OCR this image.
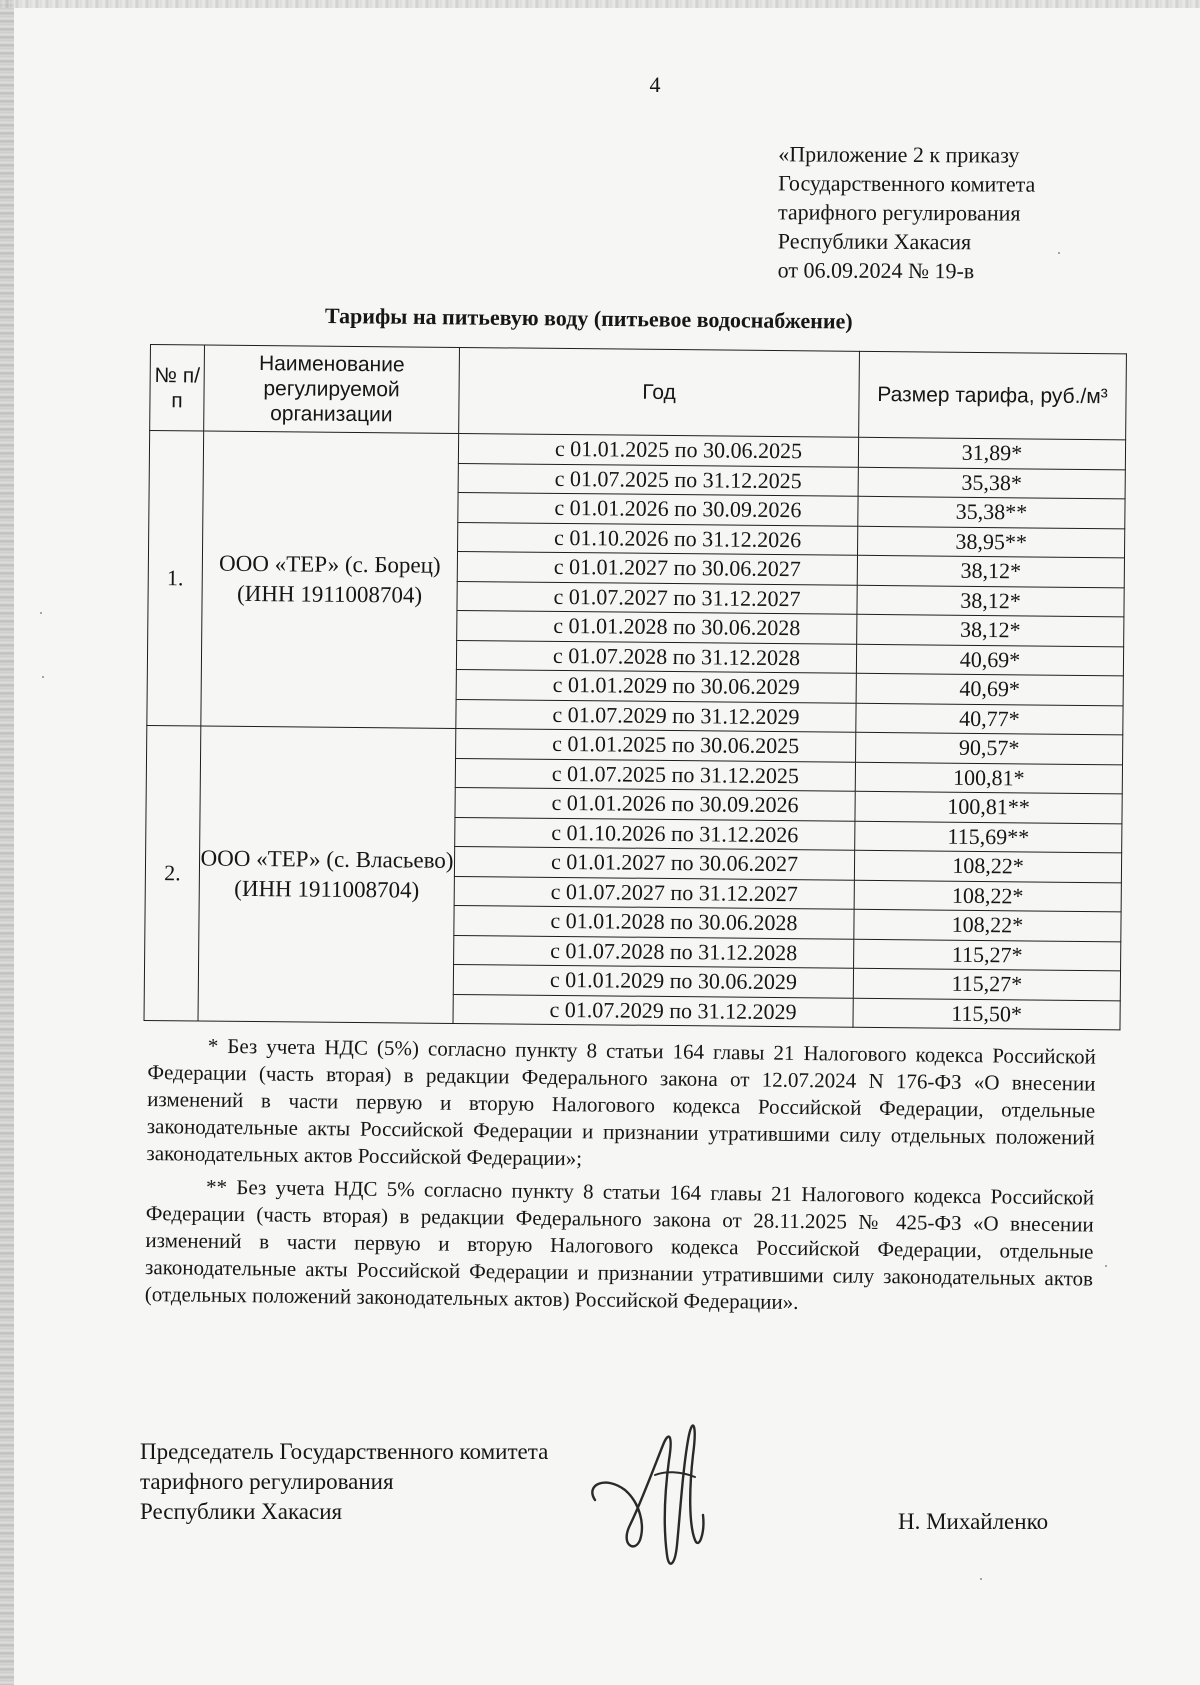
4
«Приложение 2 к приказу
Государственного комитета
тарифного регулирования
Республики Хакасия
от 06.09.2024 № 19-в
Тарифы на питьевую воду (питьевое водоснабжение)
№ п/п	Наименование регулируемой организации	Год	Размер тарифа, руб./м³
1.	ООО «ТЕР» (с. Борец) (ИНН 1911008704)	с 01.01.2025 по 30.06.2025	31,89*
		с 01.07.2025 по 31.12.2025	35,38*
		с 01.01.2026 по 30.09.2026	35,38**
		с 01.10.2026 по 31.12.2026	38,95**
		с 01.01.2027 по 30.06.2027	38,12*
		с 01.07.2027 по 31.12.2027	38,12*
		с 01.01.2028 по 30.06.2028	38,12*
		с 01.07.2028 по 31.12.2028	40,69*
		с 01.01.2029 по 30.06.2029	40,69*
		с 01.07.2029 по 31.12.2029	40,77*
2.	ООО «ТЕР» (с. Власьево) (ИНН 1911008704)	с 01.01.2025 по 30.06.2025	90,57*
		с 01.07.2025 по 31.12.2025	100,81*
		с 01.01.2026 по 30.09.2026	100,81**
		с 01.10.2026 по 31.12.2026	115,69**
		с 01.01.2027 по 30.06.2027	108,22*
		с 01.07.2027 по 31.12.2027	108,22*
		с 01.01.2028 по 30.06.2028	108,22*
		с 01.07.2028 по 31.12.2028	115,27*
		с 01.01.2029 по 30.06.2029	115,27*
		с 01.07.2029 по 31.12.2029	115,50*

* Без учета НДС (5%) согласно пункту 8 статьи 164 главы 21 Налогового кодекса Российской Федерации (часть вторая) в редакции Федерального закона от 12.07.2024 N 176-ФЗ «О внесении изменений в части первую и вторую Налогового кодекса Российской Федерации, отдельные законодательные акты Российской Федерации и признании утратившими силу отдельных положений законодательных актов Российской Федерации»;

** Без учета НДС 5% согласно пункту 8 статьи 164 главы 21 Налогового кодекса Российской Федерации (часть вторая) в редакции Федерального закона от 28.11.2025 № 425-ФЗ «О внесении изменений в части первую и вторую Налогового кодекса Российской Федерации, отдельные законодательные акты Российской Федерации и признании утратившими силу законодательных актов (отдельных положений законодательных актов) Российской Федерации».

Председатель Государственного комитета
тарифного регулирования
Республики Хакасия	Н. Михайленко
